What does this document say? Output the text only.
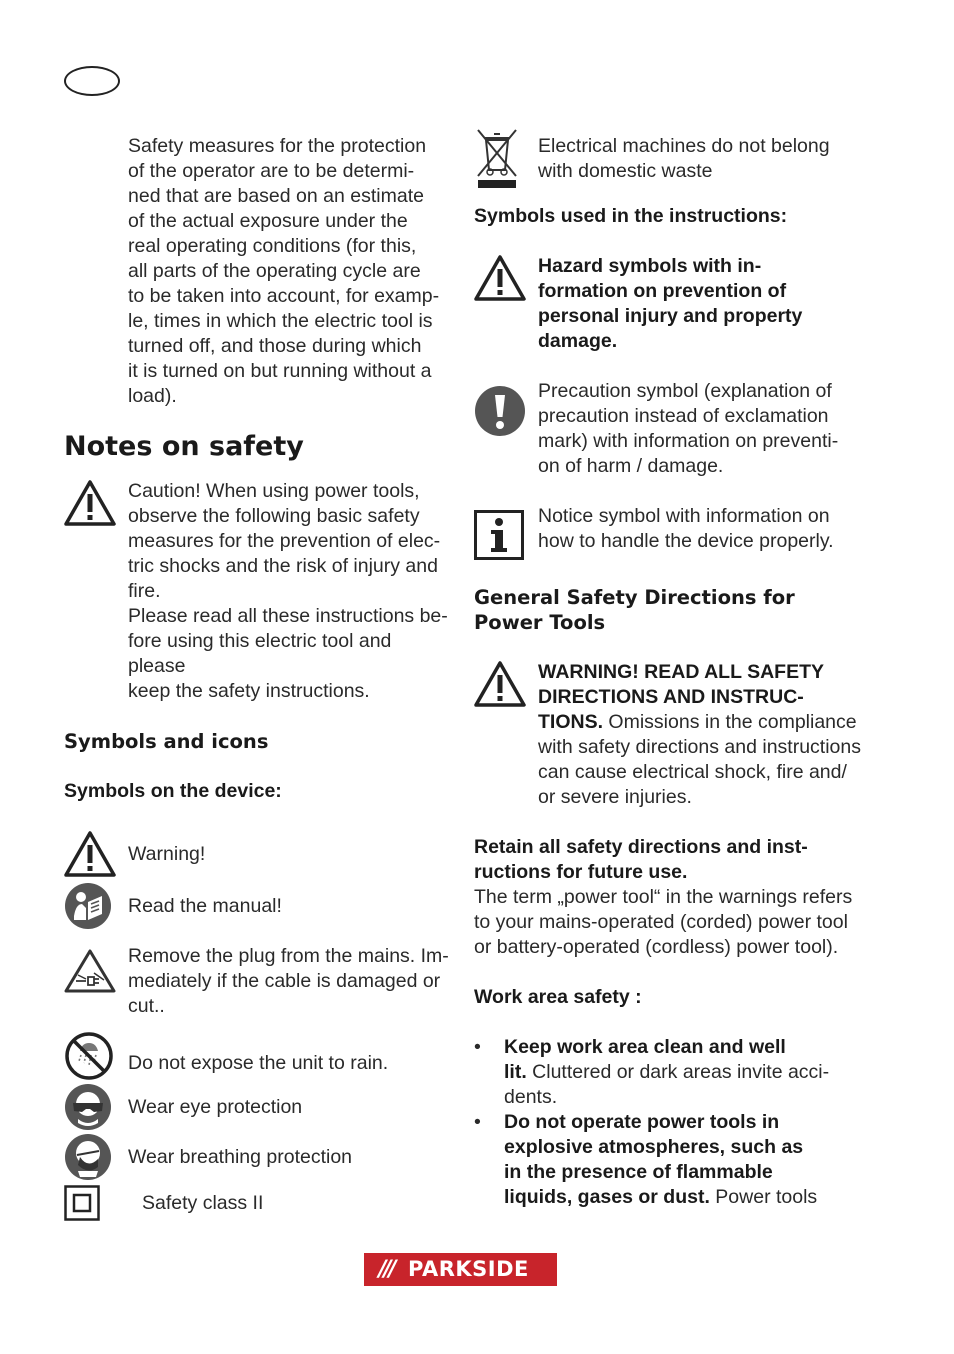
Safety measures for the protection
of the operator are to be determi-
ned that are based on an estimate
of the actual exposure under the
real operating conditions (for this,
all parts of the operating cycle are
to be taken into account, for examp-
le, times in which the electric tool is
turned off, and those during which
it is turned on but running without a
load).
Notes on safety
Caution! When using power tools,
observe the following basic safety
measures for the prevention of elec-
tric shocks and the risk of injury and
fire.
Please read all these instructions be-
fore using this electric tool and please
keep the safety instructions.
Symbols and icons
Symbols on the device:
Warning!
Read the manual!
Remove the plug from the mains. Im-
mediately if the cable is damaged or
cut..
Do not expose the unit to rain.
Wear eye protection
Wear breathing protection
Safety class II
Electrical machines do not belong
with domestic waste
Symbols used in the instructions:
Hazard symbols with in-
formation on prevention of
personal injury and property
damage.
Precaution symbol (explanation of
precaution instead of exclamation
mark) with information on preventi-
on of harm / damage.
Notice symbol with information on
how to handle the device properly.
General Safety Directions for
Power Tools
WARNING! READ ALL SAFETY
DIRECTIONS AND INSTRUC-
TIONS. Omissions in the compliance
with safety directions and instructions
can cause electrical shock, fire and/
or severe injuries.
Retain all safety directions and inst-
ructions for future use.
The term „power tool“ in the warnings refers
to your mains-operated (corded) power tool
or battery-operated (cordless) power tool).
Work area safety :
•	Keep work area clean and well
lit. Cluttered or dark areas invite acci-
dents.
•	Do not operate power tools in
explosive atmospheres, such as
in the presence of flammable
liquids, gases or dust. Power tools
/// PARKSIDE
